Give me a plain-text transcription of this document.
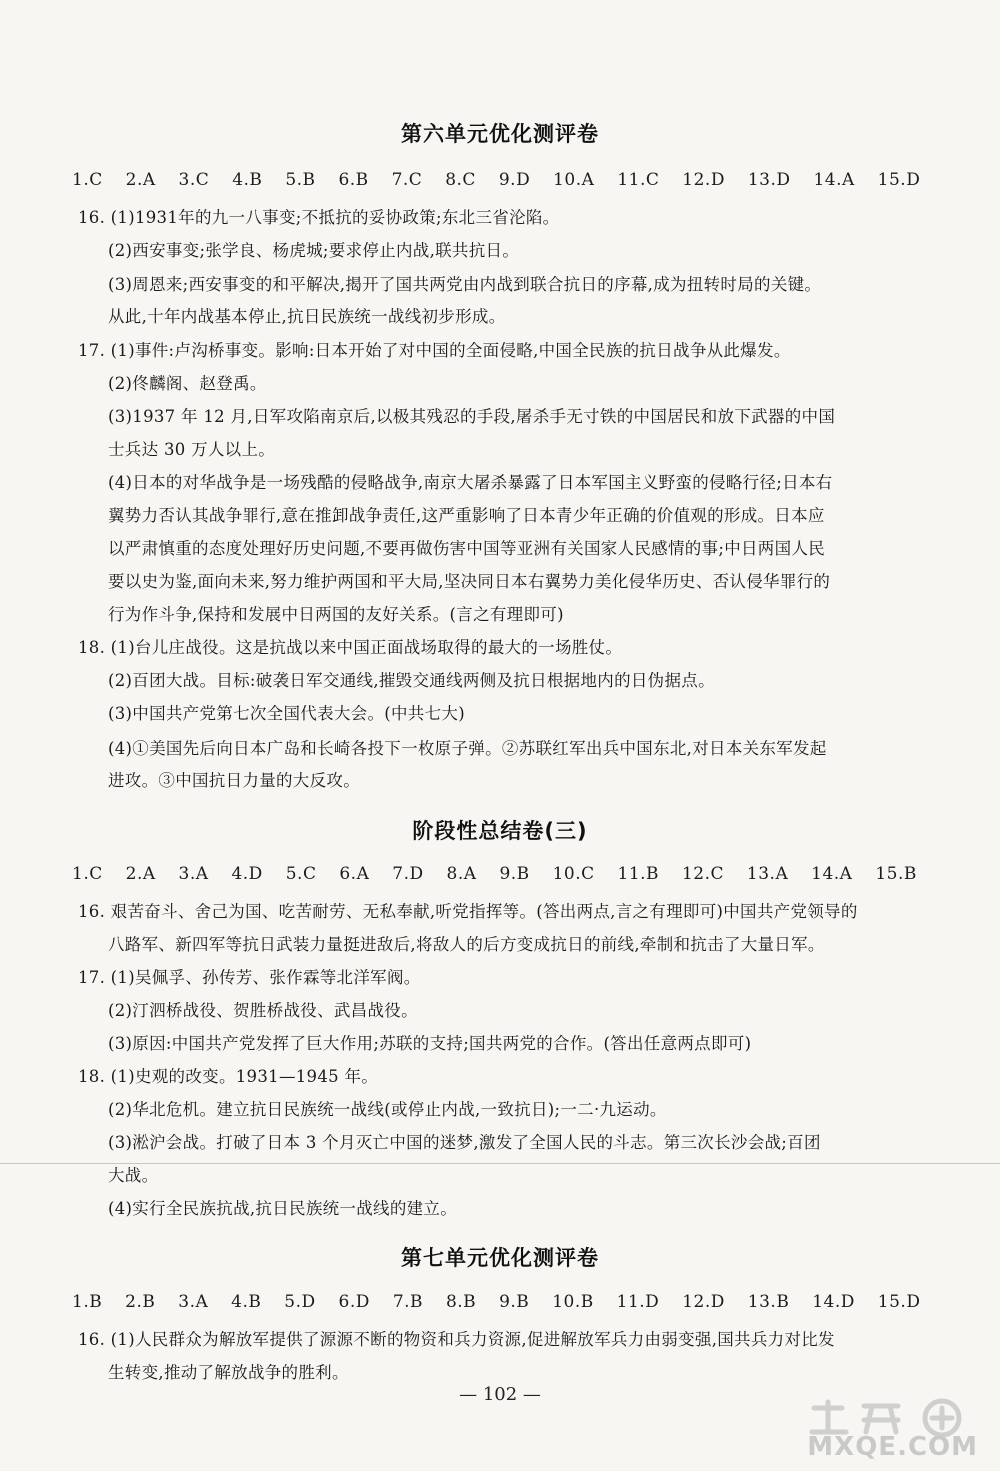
第六单元优化测评卷
1.C 2.A 3.C 4.B 5.B 6.B 7.C 8.C 9.D 10.A 11.C 12.D 13.D 14.A 15.D
16. (1)1931年的九一八事变;不抵抗的妥协政策;东北三省沦陷。
(2)西安事变;张学良、杨虎城;要求停止内战,联共抗日。
(3)周恩来;西安事变的和平解决,揭开了国共两党由内战到联合抗日的序幕,成为扭转时局的关键。
从此,十年内战基本停止,抗日民族统一战线初步形成。
17. (1)事件:卢沟桥事变。影响:日本开始了对中国的全面侵略,中国全民族的抗日战争从此爆发。
(2)佟麟阁、赵登禹。
(3)1937 年 12 月,日军攻陷南京后,以极其残忍的手段,屠杀手无寸铁的中国居民和放下武器的中国
士兵达 30 万人以上。
(4)日本的对华战争是一场残酷的侵略战争,南京大屠杀暴露了日本军国主义野蛮的侵略行径;日本右
翼势力否认其战争罪行,意在推卸战争责任,这严重影响了日本青少年正确的价值观的形成。日本应
以严肃慎重的态度处理好历史问题,不要再做伤害中国等亚洲有关国家人民感情的事;中日两国人民
要以史为鉴,面向未来,努力维护两国和平大局,坚决同日本右翼势力美化侵华历史、否认侵华罪行的
行为作斗争,保持和发展中日两国的友好关系。(言之有理即可)
18. (1)台儿庄战役。这是抗战以来中国正面战场取得的最大的一场胜仗。
(2)百团大战。目标:破袭日军交通线,摧毁交通线两侧及抗日根据地内的日伪据点。
(3)中国共产党第七次全国代表大会。(中共七大)
(4)①美国先后向日本广岛和长崎各投下一枚原子弹。②苏联红军出兵中国东北,对日本关东军发起
进攻。③中国抗日力量的大反攻。
阶段性总结卷(三)
1.C 2.A 3.A 4.D 5.C 6.A 7.D 8.A 9.B 10.C 11.B 12.C 13.A 14.A 15.B
16. 艰苦奋斗、舍己为国、吃苦耐劳、无私奉献,听党指挥等。(答出两点,言之有理即可)中国共产党领导的
八路军、新四军等抗日武装力量挺进敌后,将敌人的后方变成抗日的前线,牵制和抗击了大量日军。
17. (1)吴佩孚、孙传芳、张作霖等北洋军阀。
(2)汀泗桥战役、贺胜桥战役、武昌战役。
(3)原因:中国共产党发挥了巨大作用;苏联的支持;国共两党的合作。(答出任意两点即可)
18. (1)史观的改变。1931—1945 年。
(2)华北危机。建立抗日民族统一战线(或停止内战,一致抗日);一二·九运动。
(3)淞沪会战。打破了日本 3 个月灭亡中国的迷梦,激发了全国人民的斗志。第三次长沙会战;百团
大战。
(4)实行全民族抗战,抗日民族统一战线的建立。
第七单元优化测评卷
1.B 2.B 3.A 4.B 5.D 6.D 7.B 8.B 9.B 10.B 11.D 12.D 13.B 14.D 15.D
16. (1)人民群众为解放军提供了源源不断的物资和兵力资源,促进解放军兵力由弱变强,国共兵力对比发
生转变,推动了解放战争的胜利。
— 102 —
MXQE.COM
